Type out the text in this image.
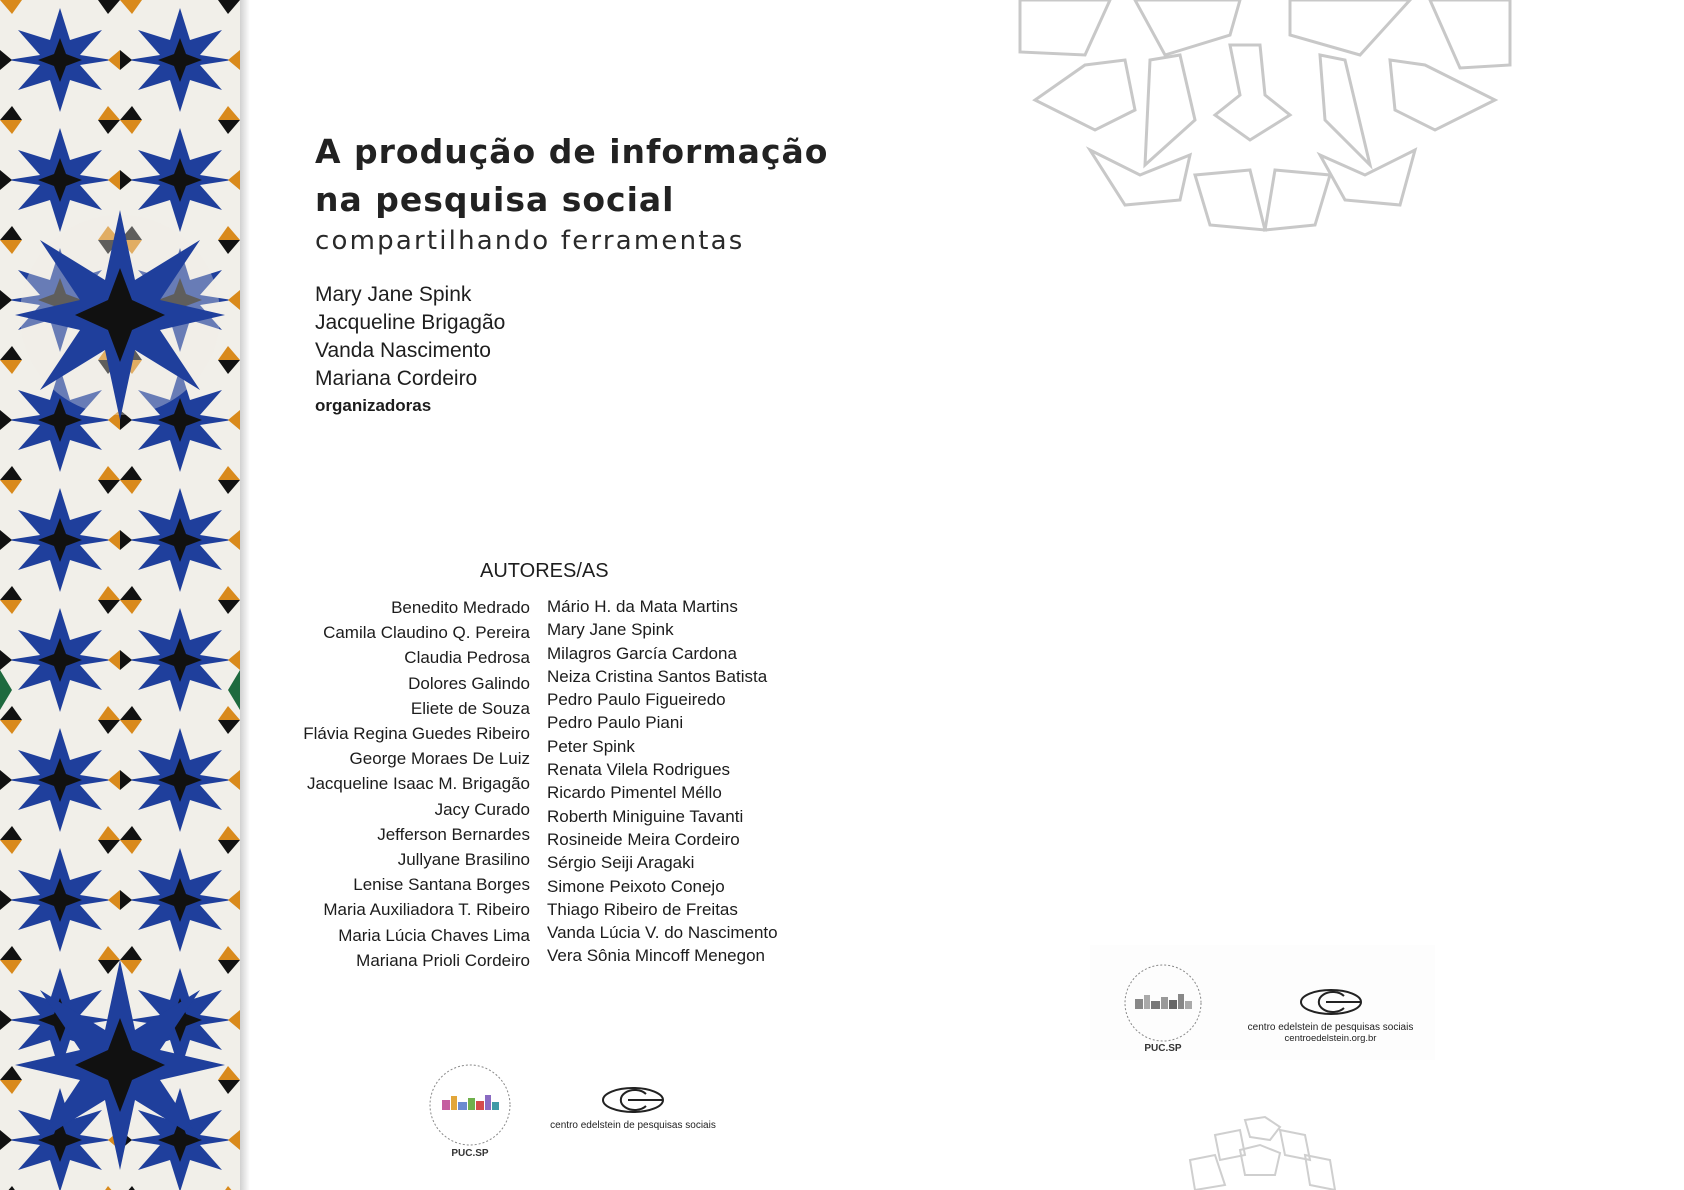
A produção de informação
na pesquisa social
compartilhando ferramentas
Mary Jane Spink
Jacqueline Brigagão
Vanda Nascimento
Mariana Cordeiro
organizadoras
AUTORES/AS
Benedito Medrado
Camila Claudino Q. Pereira
Claudia Pedrosa
Dolores Galindo
Eliete de Souza
Flávia Regina Guedes Ribeiro
George Moraes De Luiz
Jacqueline Isaac M. Brigagão
Jacy Curado
Jefferson Bernardes
Jullyane Brasilino
Lenise Santana Borges
Maria Auxiliadora T. Ribeiro
Maria Lúcia Chaves Lima
Mariana Prioli Cordeiro
Mário H. da Mata Martins
Mary Jane Spink
Milagros García Cardona
Neiza Cristina Santos Batista
Pedro Paulo Figueiredo
Pedro Paulo Piani
Peter Spink
Renata Vilela Rodrigues
Ricardo Pimentel Méllo
Roberth Miniguine Tavanti
Rosineide Meira Cordeiro
Sérgio Seiji Aragaki
Simone Peixoto Conejo
Thiago Ribeiro de Freitas
Vanda Lúcia V. do Nascimento
Vera Sônia Mincoff Menegon
PUC.SP
centro edelstein de pesquisas sociais
PUC.SP
centro edelstein de pesquisas sociais
centroedelstein.org.br
